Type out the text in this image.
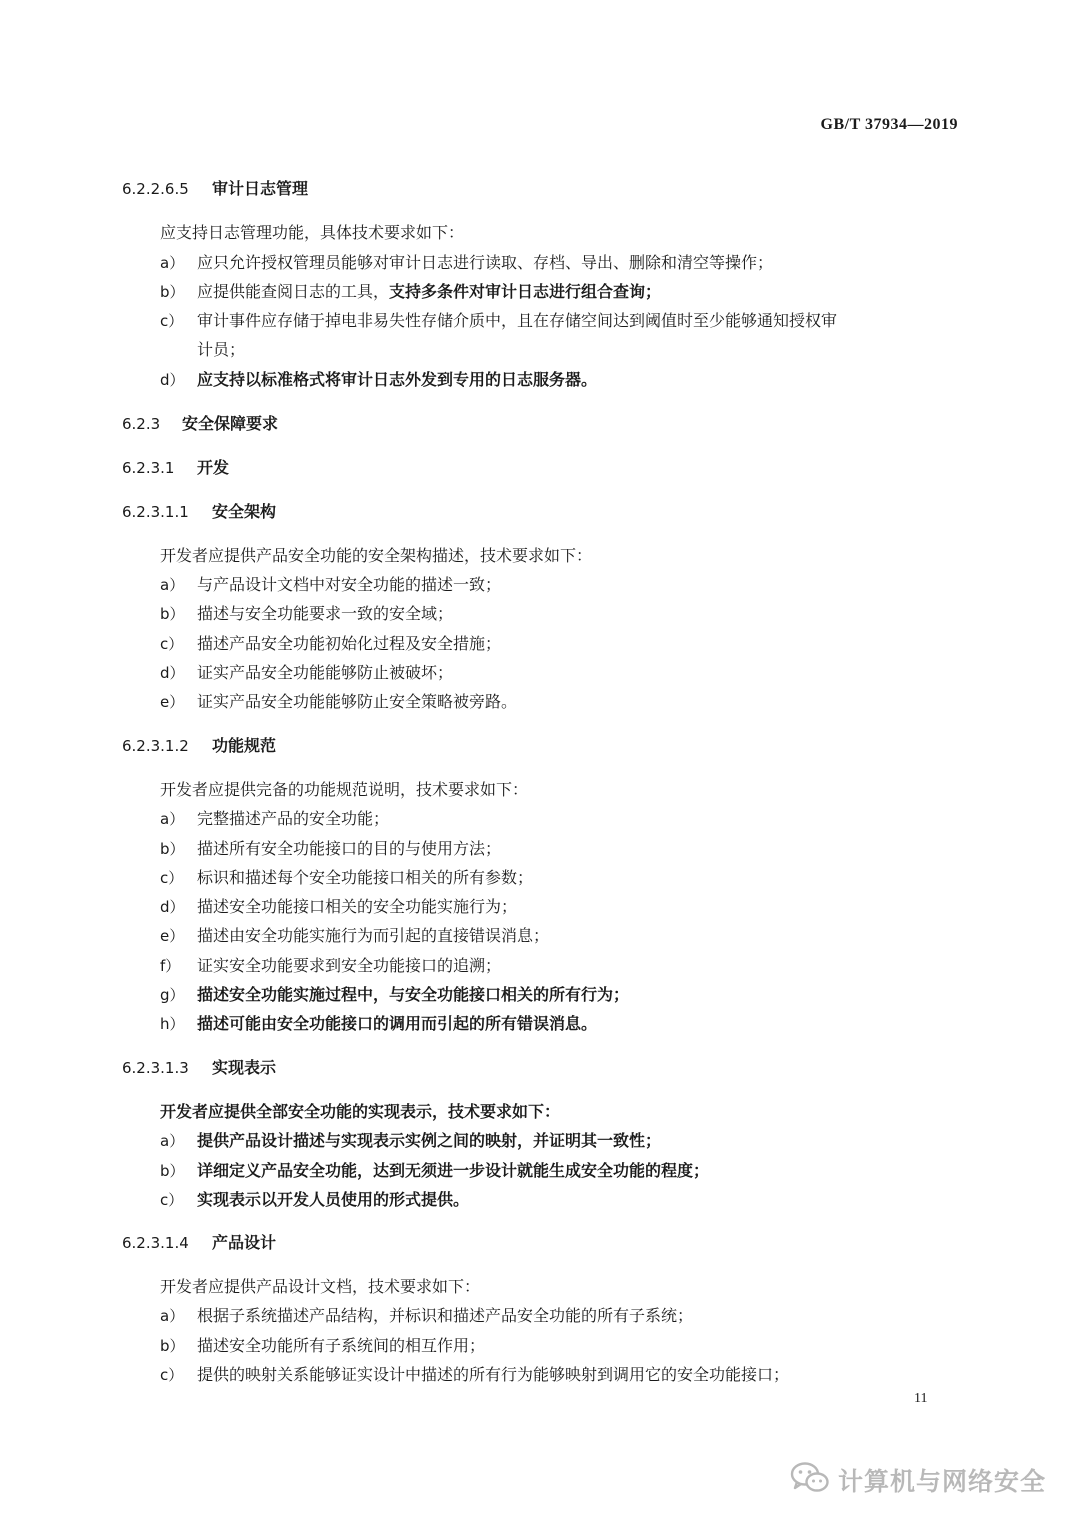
GB/T 37934—2019
6.2.2.6.5 审计日志管理
应支持日志管理功能，具体技术要求如下：
a） 应只允许授权管理员能够对审计日志进行读取、存档、导出、删除和清空等操作；
b） 应提供能查阅日志的工具，支持多条件对审计日志进行组合查询；
c） 审计事件应存储于掉电非易失性存储介质中，且在存储空间达到阈值时至少能够通知授权审
计员；
d） 应支持以标准格式将审计日志外发到专用的日志服务器。
6.2.3 安全保障要求
6.2.3.1 开发
6.2.3.1.1 安全架构
开发者应提供产品安全功能的安全架构描述，技术要求如下：
a） 与产品设计文档中对安全功能的描述一致；
b） 描述与安全功能要求一致的安全域；
c） 描述产品安全功能初始化过程及安全措施；
d） 证实产品安全功能能够防止被破坏；
e） 证实产品安全功能能够防止安全策略被旁路。
6.2.3.1.2 功能规范
开发者应提供完备的功能规范说明，技术要求如下：
a） 完整描述产品的安全功能；
b） 描述所有安全功能接口的目的与使用方法；
c） 标识和描述每个安全功能接口相关的所有参数；
d） 描述安全功能接口相关的安全功能实施行为；
e） 描述由安全功能实施行为而引起的直接错误消息；
f） 证实安全功能要求到安全功能接口的追溯；
g） 描述安全功能实施过程中，与安全功能接口相关的所有行为；
h） 描述可能由安全功能接口的调用而引起的所有错误消息。
6.2.3.1.3 实现表示
开发者应提供全部安全功能的实现表示，技术要求如下：
a） 提供产品设计描述与实现表示实例之间的映射，并证明其一致性；
b） 详细定义产品安全功能，达到无须进一步设计就能生成安全功能的程度；
c） 实现表示以开发人员使用的形式提供。
6.2.3.1.4 产品设计
开发者应提供产品设计文档，技术要求如下：
a） 根据子系统描述产品结构，并标识和描述产品安全功能的所有子系统；
b） 描述安全功能所有子系统间的相互作用；
c） 提供的映射关系能够证实设计中描述的所有行为能够映射到调用它的安全功能接口；
11
计算机与网络安全
